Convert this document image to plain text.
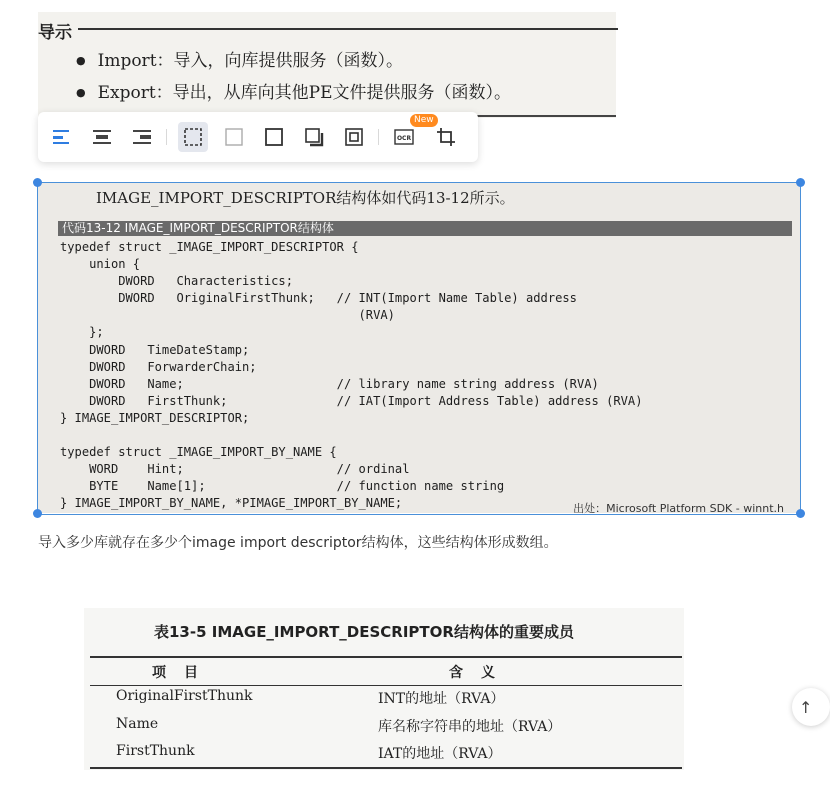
导示
● Import：导入，向库提供服务（函数）。
● Export：导出，从库向其他PE文件提供服务（函数）。
OCR
New
IMAGE_IMPORT_DESCRIPTOR结构体如代码13-12所示。
代码13-12 IMAGE_IMPORT_DESCRIPTOR结构体
typedef struct _IMAGE_IMPORT_DESCRIPTOR {
union {
DWORD   Characteristics;
DWORD   OriginalFirstThunk;   // INT(Import Name Table) address
(RVA)
};
DWORD   TimeDateStamp;
DWORD   ForwarderChain;
DWORD   Name;                     // library name string address (RVA)
DWORD   FirstThunk;               // IAT(Import Address Table) address (RVA)
} IMAGE_IMPORT_DESCRIPTOR;

typedef struct _IMAGE_IMPORT_BY_NAME {
WORD    Hint;                     // ordinal
BYTE    Name[1];                  // function name string
} IMAGE_IMPORT_BY_NAME, *PIMAGE_IMPORT_BY_NAME;	出处：Microsoft Platform SDK - winnt.h
导入多少库就存在多少个image import descriptor结构体，这些结构体形成数组。
表13-5 IMAGE_IMPORT_DESCRIPTOR结构体的重要成员
项目	含义
OriginalFirstThunk	INT的地址（RVA）
Name	库名称字符串的地址（RVA）
FirstThunk	IAT的地址（RVA）
↑
